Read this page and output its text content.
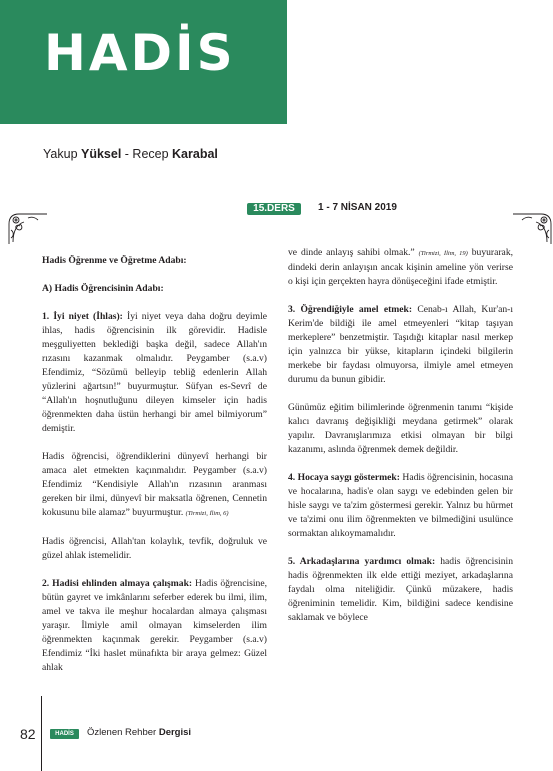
HADİS
Yakup Yüksel - Recep Karabal
15.DERS	1 - 7 NİSAN 2019

Hadis Öğrenme ve Öğretme Adabı:

A) Hadis Öğrencisinin Adabı:

1. İyi niyet (İhlas): İyi niyet veya daha doğru deyimle ihlas, hadis öğrencisinin ilk görevidir. Hadisle meşguliyetten beklediği başka değil, sadece Allah'ın rızasını kazanmak olmalıdır. Peygamber (s.a.v) Efendimiz, “Sözümü belleyip tebliğ edenlerin Allah yüzlerini ağartsın!” buyurmuştur. Süfyan es-Sevrî de “Allah'ın hoşnutluğunu dileyen kimseler için hadis öğrenmekten daha üstün herhangi bir amel bilmiyorum” demiştir.

Hadis öğrencisi, öğrendiklerini dünyevî herhangi bir amaca alet etmekten kaçınmalıdır. Peygamber (s.a.v) Efendimiz “Kendisiyle Allah'ın rızasının aranması gereken bir ilmi, dünyevî bir maksatla öğrenen, Cennetin kokusunu bile alamaz” buyurmuştur. (Tirmizi, İlim, 6)

Hadis öğrencisi, Allah'tan kolaylık, tevfik, doğruluk ve güzel ahlak istemelidir.

2. Hadisi ehlinden almaya çalışmak: Hadis öğrencisine, bütün gayret ve imkânlarını seferber ederek bu ilmi, ilim, amel ve takva ile meşhur hocalardan almaya çalışması yaraşır. İlmiyle amil olmayan kimselerden ilim öğrenmekten kaçınmak gerekir. Peygamber (s.a.v) Efendimiz “İki haslet münafıkta bir araya gelmez: Güzel ahlak

ve dinde anlayış sahibi olmak.” (Tirmizi, İlim, 19) buyurarak, dindeki derin anlayışın ancak kişinin ameline yön verirse o kişi için gerçekten hayra dönüşeceğini ifade etmiştir.

3. Öğrendiğiyle amel etmek: Cenab-ı Allah, Kur'an-ı Kerim'de bildiği ile amel etmeyenleri “kitap taşıyan merkeplere” benzetmiştir. Taşıdığı kitaplar nasıl merkep için yalnızca bir yükse, kitapların içindeki bilgilerin merkebe bir faydası olmuyorsa, ilmiyle amel etmeyen durumu da bunun gibidir.

Günümüz eğitim bilimlerinde öğrenmenin tanımı “kişide kalıcı davranış değişikliği meydana getirmek” olarak yapılır. Davranışlarımıza etkisi olmayan bir bilgi kazanımı, aslında öğrenmek demek değildir.

4. Hocaya saygı göstermek: Hadis öğrencisinin, hocasına ve hocalarına, hadis'e olan saygı ve edebinden gelen bir hisle saygı ve ta'zim göstermesi gerekir. Yalnız bu hürmet ve ta'zimi onu ilim öğrenmekten ve bilmediğini usulünce sormaktan alıkoymamalıdır.

5. Arkadaşlarına yardımcı olmak: hadis öğrencisinin hadis öğrenmekten ilk elde ettiği meziyet, arkadaşlarına faydalı olma niteliğidir. Çünkü müzakere, hadis öğreniminin temelidir. Kim, bildiğini sadece kendisine saklamak ve böylece

82	HADİS	Özlenen Rehber Dergisi
